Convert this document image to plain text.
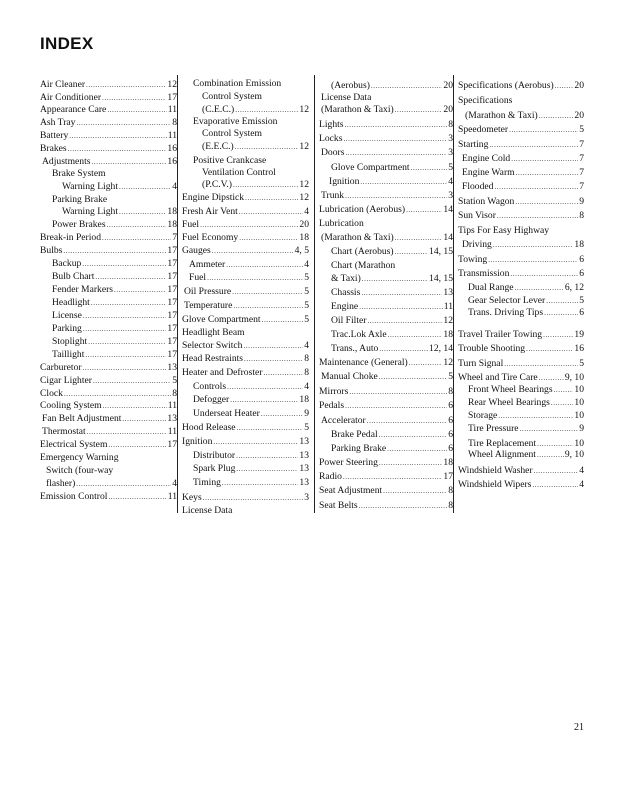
INDEX
Air Cleaner .....	12
Air Conditioner .....	17
Appearance Care .....	11
Ash Tray .....	8
Battery .....	11
Brakes .....	16
Adjustments .....	16
Brake System
Warning Light .....	4
Parking Brake
Warning Light .....	18
Power Brakes .....	18
Break-in Period .....	7
Bulbs .....	17
Backup .....	17
Bulb Chart .....	17
Fender Markers .....	17
Headlight .....	17
License .....	17
Parking .....	17
Stoplight .....	17
Taillight .....	17
Carburetor .....	13
Cigar Lighter .....	5
Clock .....	8
Cooling System .....	11
Fan Belt Adjustment .....	13
Thermostat .....	11
Electrical System .....	17
Emergency Warning
Switch (four-way
flasher) .....	4
Emission Control .....	11
Combination Emission
Control System
(C.E.C.) .....	12
Evaporative Emission
Control System
(E.E.C.) .....	12
Positive Crankcase
Ventilation Control
(P.C.V.) .....	12
Engine Dipstick .....	12
Fresh Air Vent .....	4
Fuel .....	20
Fuel Economy .....	18
Gauges .....	4, 5
Ammeter .....	4
Fuel .....	5
Oil Pressure .....	5
Temperature .....	5
Glove Compartment .....	5
Headlight Beam
Selector Switch .....	4
Head Restraints .....	8
Heater and Defroster .....	8
Controls .....	4
Defogger .....	18
Underseat Heater .....	9
Hood Release .....	5
Ignition .....	13
Distributor .....	13
Spark Plug .....	13
Timing .....	13
Keys .....	3
License Data
(Aerobus) .....	20
License Data
(Marathon & Taxi) .....	20
Lights .....	8
Locks .....	3
Doors .....	3
Glove Compartment .....	5
Ignition .....	4
Trunk .....	3
Lubrication (Aerobus) .....	14
Lubrication
(Marathon & Taxi) .....	14
Chart (Aerobus) .....	14, 15
Chart (Marathon
& Taxi) .....	14, 15
Chassis .....	13
Engine .....	11
Oil Filter .....	12
Trac.Lok Axle .....	18
Trans., Auto .....	12, 14
Maintenance (General) .....	12
Manual Choke .....	5
Mirrors .....	8
Pedals .....	6
Accelerator .....	6
Brake Pedal .....	6
Parking Brake .....	6
Power Steering .....	18
Radio .....	17
Seat Adjustment .....	8
Seat Belts .....	8
Specifications (Aerobus) ..... 20
Specifications
(Marathon & Taxi) .....	20
Speedometer .....	5
Starting .....	7
Engine Cold .....	7
Engine Warm .....	7
Flooded .....	7
Station Wagon .....	9
Sun Visor .....	8
Tips For Easy Highway
Driving .....	18
Towing .....	6
Transmission .....	6
Dual Range .....	6, 12
Gear Selector Lever .....	5
Trans. Driving Tips .....	6
Travel Trailer Towing .....	19
Trouble Shooting .....	16
Turn Signal .....	5
Wheel and Tire Care .....	9, 10
Front Wheel Bearings ..... 10
Rear Wheel Bearings .....	10
Storage .....	10
Tire Pressure .....	9
Tire Replacement .....	10
Wheel Alignment .....	9, 10
Windshield Washer .....	4
Windshield Wipers .....	4
21
